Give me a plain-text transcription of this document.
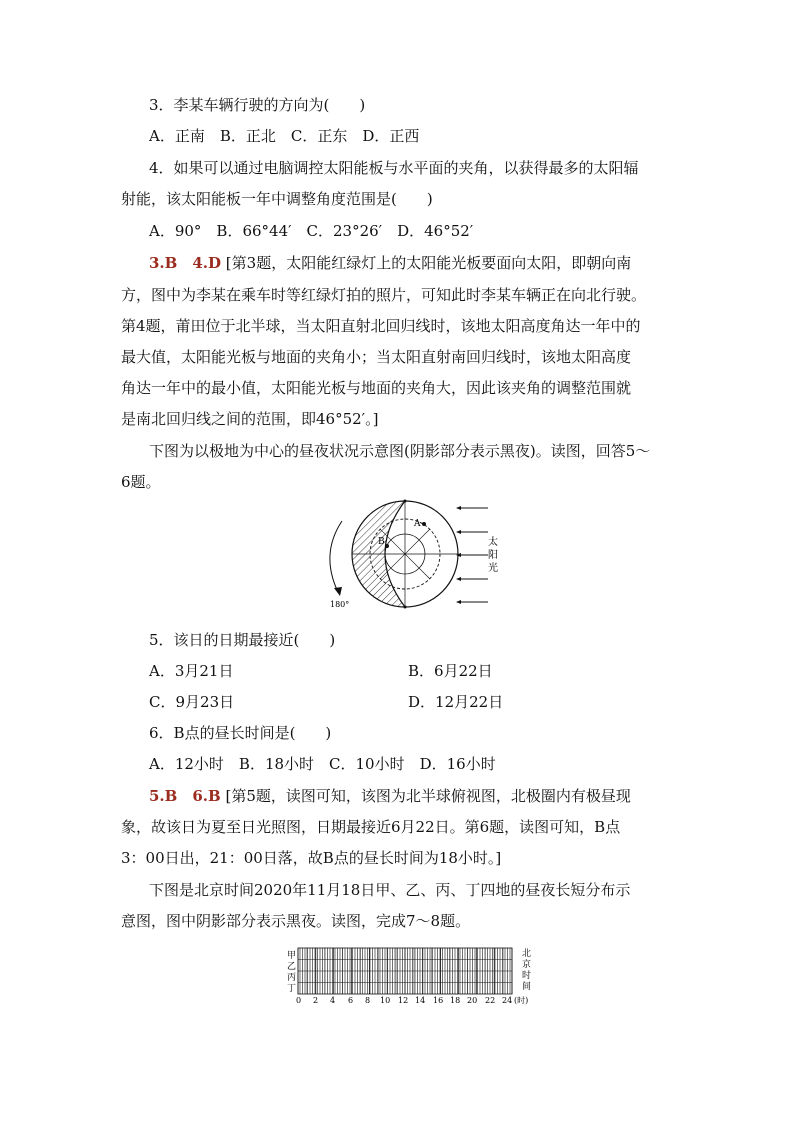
3．李某车辆行驶的方向为(　　)
A．正南　B．正北　C．正东　D．正西
4．如果可以通过电脑调控太阳能板与水平面的夹角，以获得最多的太阳辐
射能，该太阳能板一年中调整角度范围是(　　)
A．90°　B．66°44′　C．23°26′　D．46°52′
3.B　4.D [第3题，太阳能红绿灯上的太阳能光板要面向太阳，即朝向南
方，图中为李某在乘车时等红绿灯拍的照片，可知此时李某车辆正在向北行驶。
第4题，莆田位于北半球，当太阳直射北回归线时，该地太阳高度角达一年中的
最大值，太阳能光板与地面的夹角小；当太阳直射南回归线时，该地太阳高度
角达一年中的最小值，太阳能光板与地面的夹角大，因此该夹角的调整范围就
是南北回归线之间的范围，即46°52′。]
下图为以极地为中心的昼夜状况示意图(阴影部分表示黑夜)。读图，回答5～
6题。
A
B
180°
太
阳
光
5．该日的日期最接近(　　)
A．3月21日	B．6月22日
C．9月23日	D．12月22日
6．B点的昼长时间是(　　)
A．12小时　B．18小时　C．10小时　D．16小时
5.B　6.B [第5题，读图可知，该图为北半球俯视图，北极圈内有极昼现
象，故该日为夏至日光照图，日期最接近6月22日。第6题，读图可知，B点
3：00日出，21：00日落，故B点的昼长时间为18小时。]
下图是北京时间2020年11月18日甲、乙、丙、丁四地的昼夜长短分布示
意图，图中阴影部分表示黑夜。读图，完成7～8题。
甲
乙
丙
丁
0 2 4 6 8 10 12 14 16 18 20 22 24 (时)
北
京
时
间
